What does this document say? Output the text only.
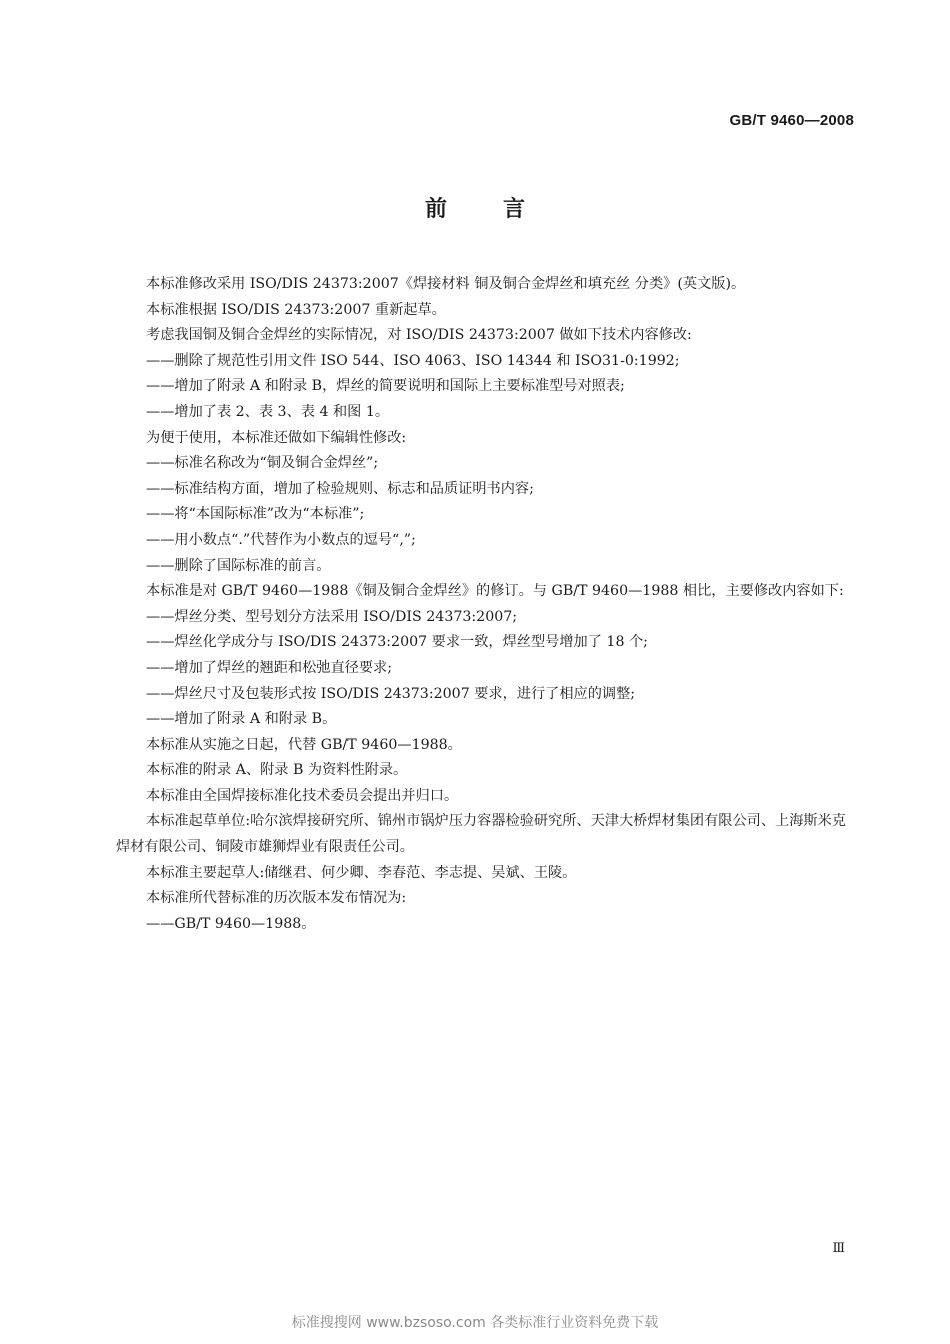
GB/T 9460—2008
前言

本标准修改采用 ISO/DIS 24373:2007《焊接材料 铜及铜合金焊丝和填充丝 分类》(英文版)。

本标准根据 ISO/DIS 24373:2007 重新起草。

考虑我国铜及铜合金焊丝的实际情况，对 ISO/DIS 24373:2007 做如下技术内容修改:

——删除了规范性引用文件 ISO 544、ISO 4063、ISO 14344 和 ISO31-0:1992;

——增加了附录 A 和附录 B，焊丝的简要说明和国际上主要标准型号对照表;

——增加了表 2、表 3、表 4 和图 1。

为便于使用，本标准还做如下编辑性修改:

——标准名称改为“铜及铜合金焊丝”;

——标准结构方面，增加了检验规则、标志和品质证明书内容;

——将“本国际标准”改为“本标准”;

——用小数点“.”代替作为小数点的逗号“,”;

——删除了国际标准的前言。

本标准是对 GB/T 9460—1988《铜及铜合金焊丝》的修订。与 GB/T 9460—1988 相比，主要修改内容如下:

——焊丝分类、型号划分方法采用 ISO/DIS 24373:2007;

——焊丝化学成分与 ISO/DIS 24373:2007 要求一致，焊丝型号增加了 18 个;

——增加了焊丝的翘距和松弛直径要求;

——焊丝尺寸及包装形式按 ISO/DIS 24373:2007 要求，进行了相应的调整;

——增加了附录 A 和附录 B。

本标准从实施之日起，代替 GB/T 9460—1988。

本标准的附录 A、附录 B 为资料性附录。

本标准由全国焊接标准化技术委员会提出并归口。

本标准起草单位:哈尔滨焊接研究所、锦州市锅炉压力容器检验研究所、天津大桥焊材集团有限公司、上海斯米克焊材有限公司、铜陵市雄狮焊业有限责任公司。

本标准主要起草人:储继君、何少卿、李春范、李志提、吴斌、王陵。

本标准所代替标准的历次版本发布情况为:

——GB/T 9460—1988。

Ⅲ
标准搜搜网 www.bzsoso.com 各类标准行业资料免费下载
